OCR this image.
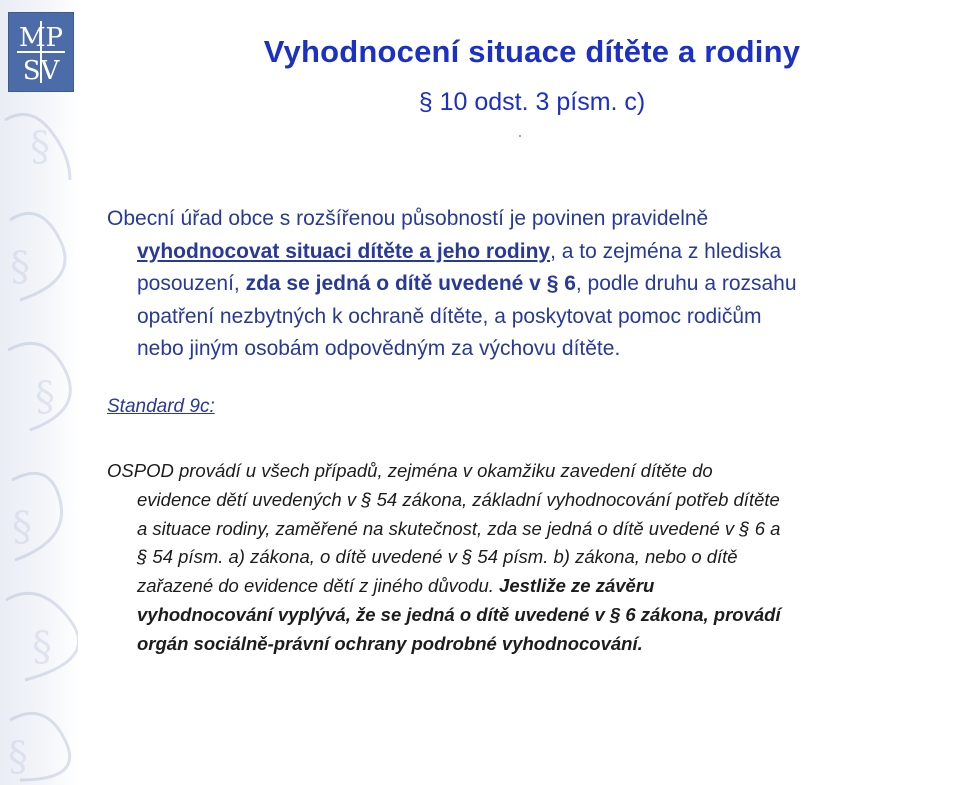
§
§
§
§
§
§
MP
SV
Vyhodnocení situace dítěte a rodiny

§ 10 odst. 3 písm. c)

Obecní úřad obce s rozšířenou působností je povinen pravidelně
vyhodnocovat situaci dítěte a jeho rodiny, a to zejména z hlediska
posouzení, zda se jedná o dítě uvedené v § 6, podle druhu a rozsahu
opatření nezbytných k ochraně dítěte, a poskytovat pomoc rodičům
nebo jiným osobám odpovědným za výchovu dítěte.

Standard 9c:

OSPOD provádí u všech případů, zejména v okamžiku zavedení dítěte do
evidence dětí uvedených v § 54 zákona, základní vyhodnocování potřeb dítěte
a situace rodiny, zaměřené na skutečnost, zda se jedná o dítě uvedené v § 6 a
§ 54 písm. a) zákona, o dítě uvedené v § 54 písm. b) zákona, nebo o dítě
zařazené do evidence dětí z jiného důvodu. Jestliže ze závěru
vyhodnocování vyplývá, že se jedná o dítě uvedené v § 6 zákona, provádí
orgán sociálně-právní ochrany podrobné vyhodnocování.
